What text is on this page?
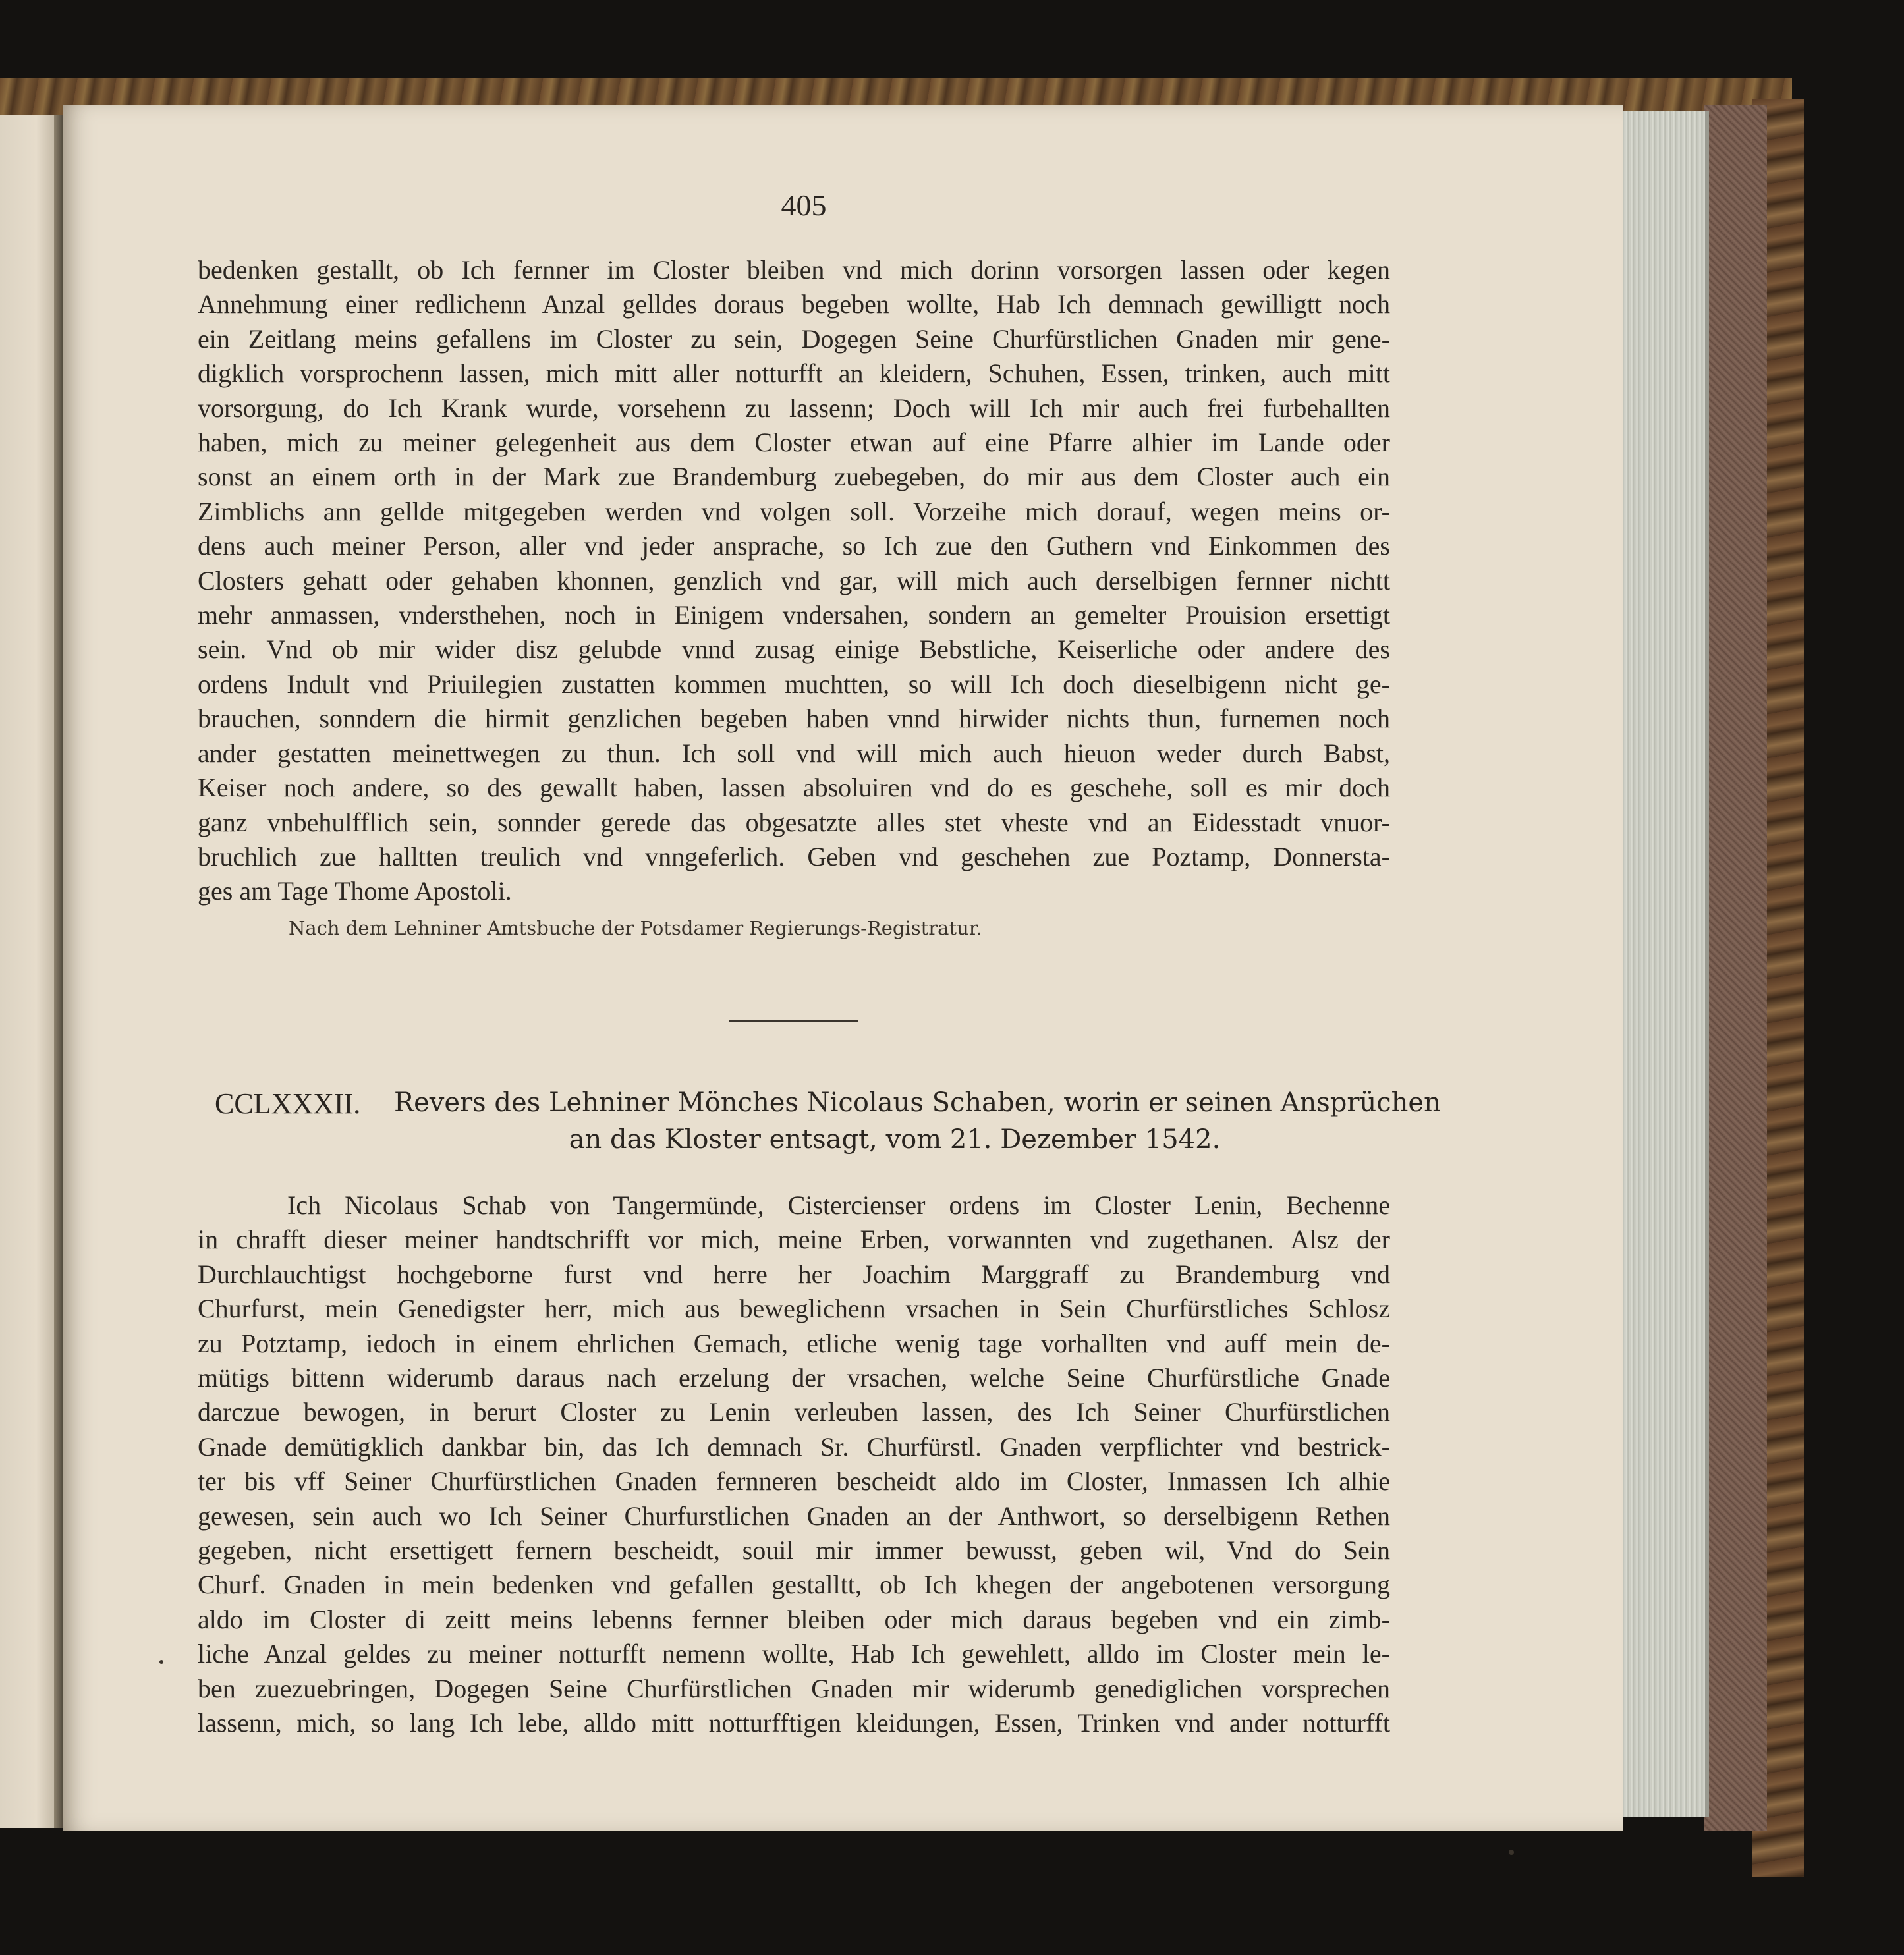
405
bedenken gestallt, ob Ich fernner im Closter bleiben vnd mich dorinn vorsorgen lassen oder kegen
Annehmung einer redlichenn Anzal gelldes doraus begeben wollte, Hab Ich demnach gewilligtt noch
ein Zeitlang meins gefallens im Closter zu sein, Dogegen Seine Churfürstlichen Gnaden mir gene-
digklich vorsprochenn lassen, mich mitt aller notturfft an kleidern, Schuhen, Essen, trinken, auch mitt
vorsorgung, do Ich Krank wurde, vorsehenn zu lassenn; Doch will Ich mir auch frei furbehallten
haben, mich zu meiner gelegenheit aus dem Closter etwan auf eine Pfarre alhier im Lande oder
sonst an einem orth in der Mark zue Brandemburg zuebegeben, do mir aus dem Closter auch ein
Zimblichs ann gellde mitgegeben werden vnd volgen soll. Vorzeihe mich dorauf, wegen meins or-
dens auch meiner Person, aller vnd jeder ansprache, so Ich zue den Guthern vnd Einkommen des
Closters gehatt oder gehaben khonnen, genzlich vnd gar, will mich auch derselbigen fernner nichtt
mehr anmassen, vndersthehen, noch in Einigem vndersahen, sondern an gemelter Prouision ersettigt
sein. Vnd ob mir wider disz gelubde vnnd zusag einige Bebstliche, Keiserliche oder andere des
ordens Indult vnd Priuilegien zustatten kommen muchtten, so will Ich doch dieselbigenn nicht ge-
brauchen, sonndern die hirmit genzlichen begeben haben vnnd hirwider nichts thun, furnemen noch
ander gestatten meinettwegen zu thun. Ich soll vnd will mich auch hieuon weder durch Babst,
Keiser noch andere, so des gewallt haben, lassen absoluiren vnd do es geschehe, soll es mir doch
ganz vnbehulfflich sein, sonnder gerede das obgesatzte alles stet vheste vnd an Eidesstadt vnuor-
bruchlich zue halltten treulich vnd vnngeferlich. Geben vnd geschehen zue Poztamp, Donnersta-
ges am Tage Thome Apostoli.
Nach dem Lehniner Amtsbuche der Potsdamer Regierungs-Registratur.
CCLXXXII. Revers des Lehniner Mönches Nicolaus Schaben, worin er seinen Ansprüchen
an das Kloster entsagt, vom 21. Dezember 1542.
Ich Nicolaus Schab von Tangermünde, Cistercienser ordens im Closter Lenin, Bechenne
in chrafft dieser meiner handtschrifft vor mich, meine Erben, vorwannten vnd zugethanen. Alsz der
Durchlauchtigst hochgeborne furst vnd herre her Joachim Marggraff zu Brandemburg vnd
Churfurst, mein Genedigster herr, mich aus beweglichenn vrsachen in Sein Churfürstliches Schlosz
zu Potztamp, iedoch in einem ehrlichen Gemach, etliche wenig tage vorhallten vnd auff mein de-
mütigs bittenn widerumb daraus nach erzelung der vrsachen, welche Seine Churfürstliche Gnade
darczue bewogen, in berurt Closter zu Lenin verleuben lassen, des Ich Seiner Churfürstlichen
Gnade demütigklich dankbar bin, das Ich demnach Sr. Churfürstl. Gnaden verpflichter vnd bestrick-
ter bis vff Seiner Churfürstlichen Gnaden fernneren bescheidt aldo im Closter, Inmassen Ich alhie
gewesen, sein auch wo Ich Seiner Churfurstlichen Gnaden an der Anthwort, so derselbigenn Rethen
gegeben, nicht ersettigett fernern bescheidt, souil mir immer bewusst, geben wil, Vnd do Sein
Churf. Gnaden in mein bedenken vnd gefallen gestalltt, ob Ich khegen der angebotenen versorgung
aldo im Closter di zeitt meins lebenns fernner bleiben oder mich daraus begeben vnd ein zimb-
liche Anzal geldes zu meiner notturfft nemenn wollte, Hab Ich gewehlett, alldo im Closter mein le-
ben zuezuebringen, Dogegen Seine Churfürstlichen Gnaden mir widerumb genediglichen vorsprechen
lassenn, mich, so lang Ich lebe, alldo mitt notturfftigen kleidungen, Essen, Trinken vnd ander notturfft
